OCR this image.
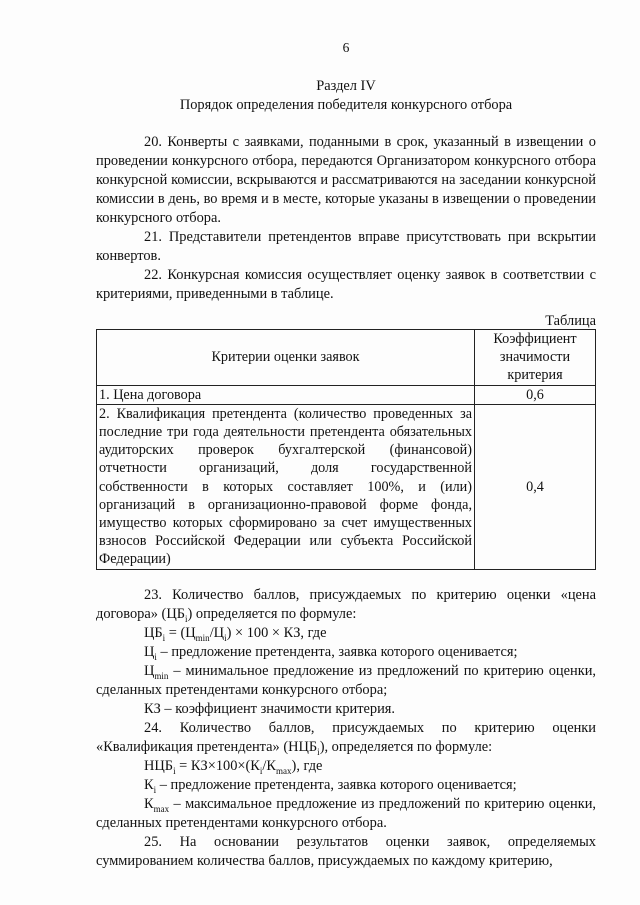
6
Раздел IV
Порядок определения победителя конкурсного отбора

20. Конверты с заявками, поданными в срок, указанный в извещении о проведении конкурсного отбора, передаются Организатором конкурсного отбора конкурсной комиссии, вскрываются и рассматриваются на заседании конкурсной комиссии в день, во время и в месте, которые указаны в извещении о проведении конкурсного отбора.

21. Представители претендентов вправе присутствовать при вскрытии конвертов.

22. Конкурсная комиссия осуществляет оценку заявок в соответствии с критериями, приведенными в таблице.

Таблица
Критерии оценки заявок	Коэффициент значимости критерия
1. Цена договора	0,6
2. Квалификация претендента (количество проведенных за последние три года деятельности претендента обязательных аудиторских проверок бухгалтерской (финансовой) отчетности организаций, доля государственной собственности в которых составляет 100%, и (или) организаций в организационно-правовой форме фонда, имущество которых сформировано за счет имущественных взносов Российской Федерации или субъекта Российской Федерации)	0,4

23. Количество баллов, присуждаемых по критерию оценки «цена договора» $(ЦБ_i)$ определяется по формуле:

$ЦБ_i = (Ц_{min}/Ц_i) \times 100$ × КЗ, где

$Ц_i$ – предложение претендента, заявка которого оценивается;

$Ц_{min}$ – минимальное предложение из предложений по критерию оценки, сделанных претендентами конкурсного отбора;

КЗ – коэффициент значимости критерия.

24. Количество баллов, присуждаемых по критерию оценки «Квалификация претендента» $(НЦБ_i)$, определяется по формуле:

$НЦБ_i = КЗ\times 100\times(К_i/К_{max})$, где

$К_i$ – предложение претендента, заявка которого оценивается;

$К_{max}$ – максимальное предложение из предложений по критерию оценки, сделанных претендентами конкурсного отбора.

25. На основании результатов оценки заявок, определяемых суммированием количества баллов, присуждаемых по каждому критерию,
